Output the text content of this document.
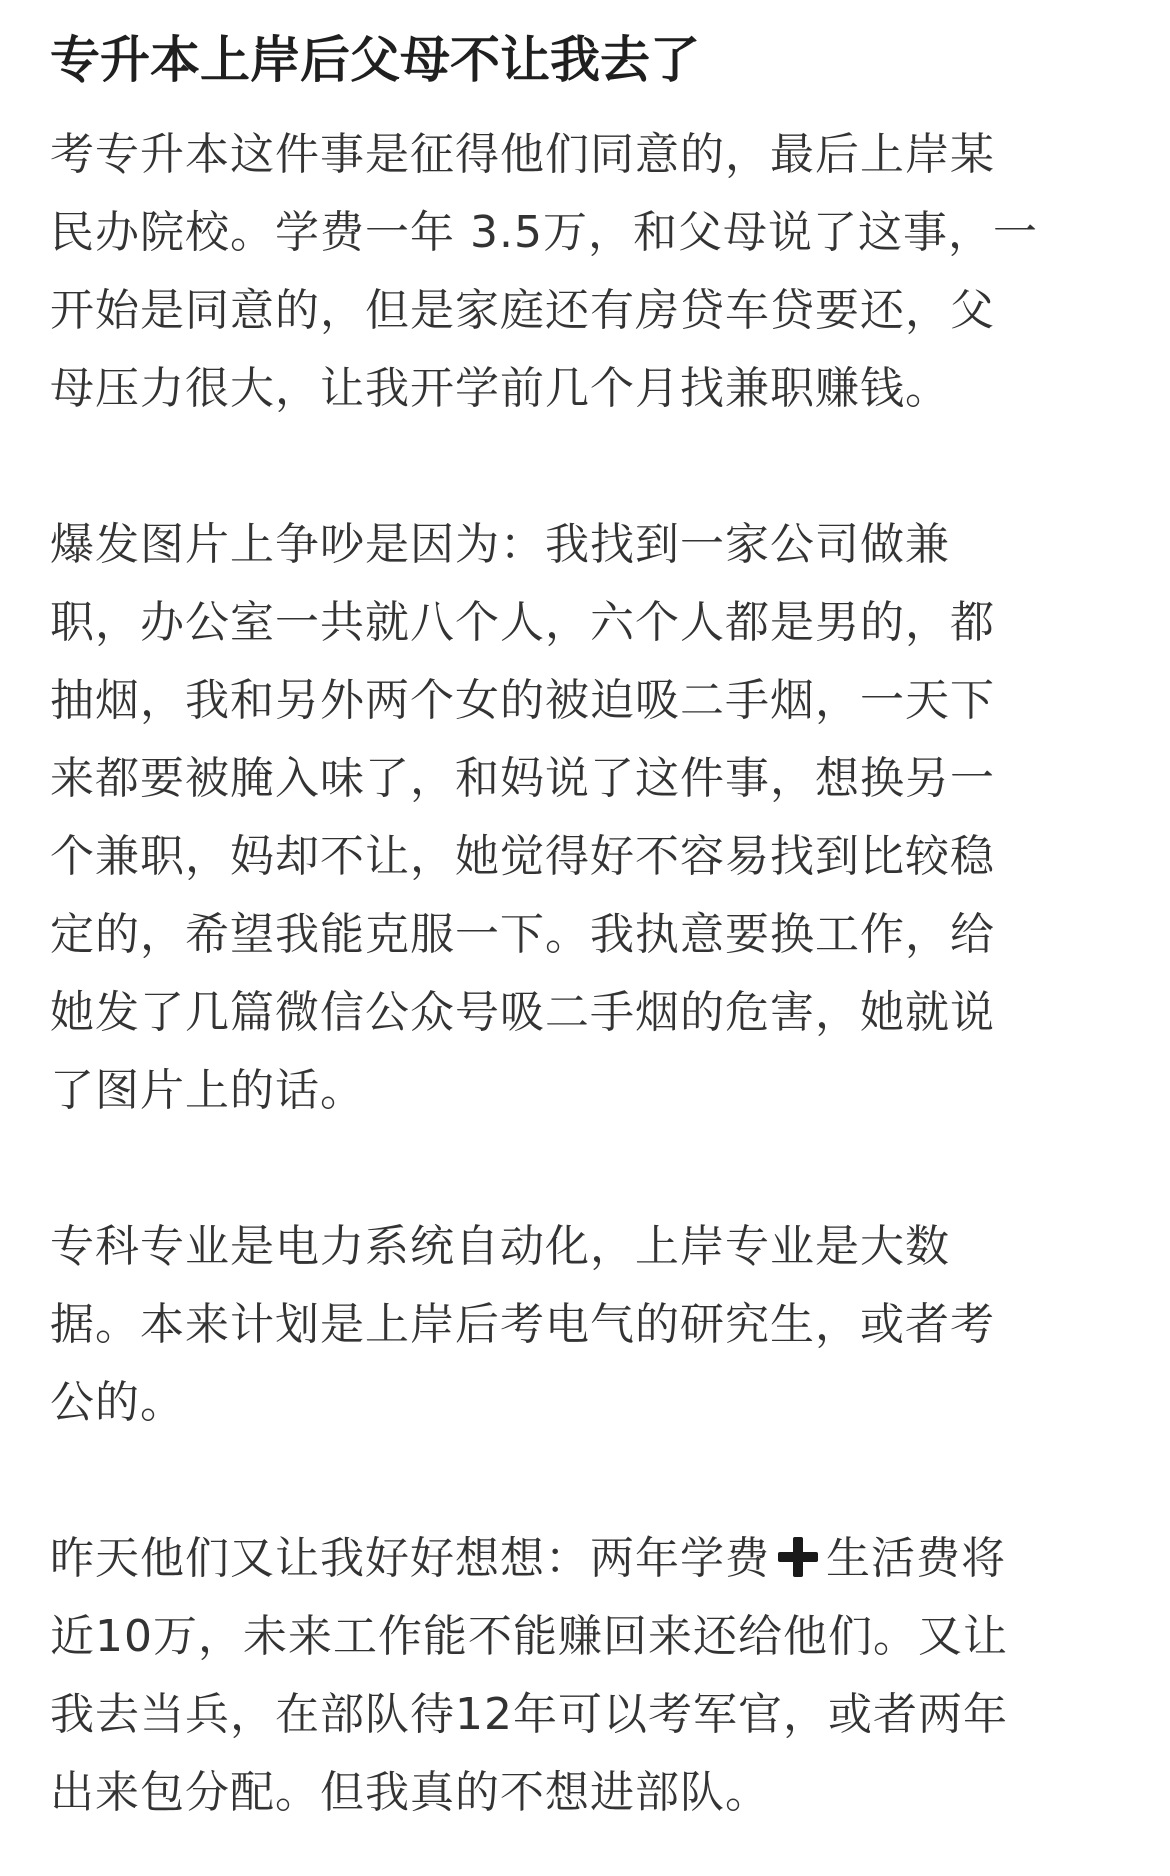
专升本上岸后父母不让我去了

考专升本这件事是征得他们同意的，最后上岸某
民办院校。学费一年 3.5万，和父母说了这事，一
开始是同意的，但是家庭还有房贷车贷要还，父
母压力很大，让我开学前几个月找兼职赚钱。

爆发图片上争吵是因为：我找到一家公司做兼
职，办公室一共就八个人，六个人都是男的，都
抽烟，我和另外两个女的被迫吸二手烟，一天下
来都要被腌入味了，和妈说了这件事，想换另一
个兼职，妈却不让，她觉得好不容易找到比较稳
定的，希望我能克服一下。我执意要换工作，给
她发了几篇微信公众号吸二手烟的危害，她就说
了图片上的话。

专科专业是电力系统自动化，上岸专业是大数
据。本来计划是上岸后考电气的研究生，或者考
公的。

昨天他们又让我好好想想：两年学费 生活费将
近10万，未来工作能不能赚回来还给他们。又让
我去当兵，在部队待12年可以考军官，或者两年
出来包分配。但我真的不想进部队。
